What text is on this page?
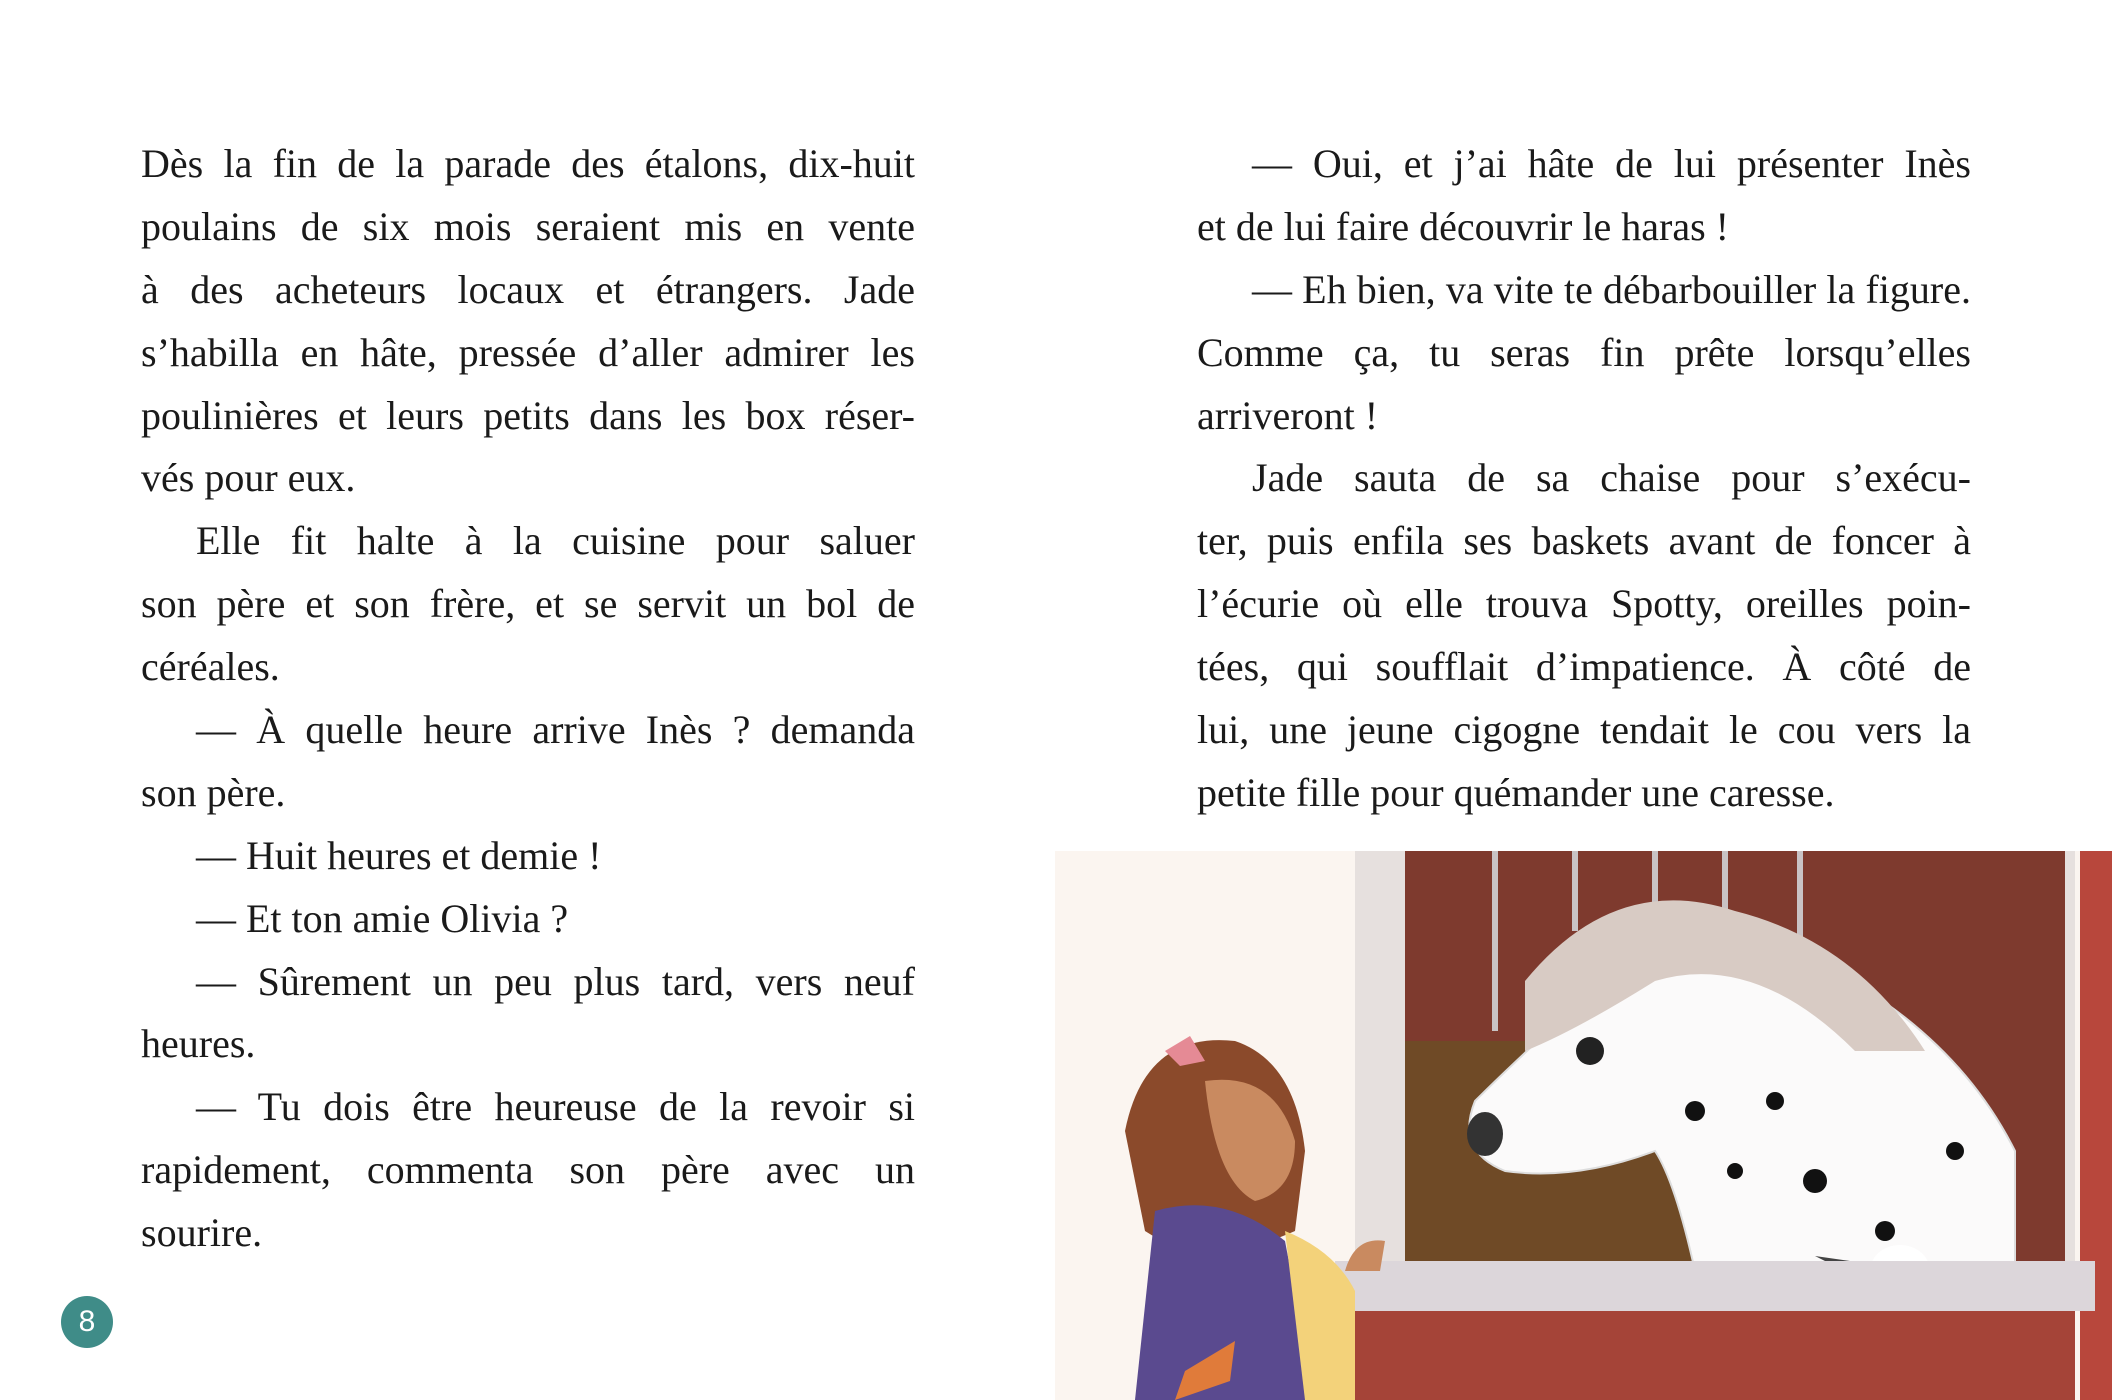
Dès la fin de la parade des étalons, dix-huit
poulains de six mois seraient mis en vente
à des acheteurs locaux et étrangers. Jade
s’habilla en hâte, pressée d’aller admirer les
poulinières et leurs petits dans les box réser-
vés pour eux.
Elle fit halte à la cuisine pour saluer
son père et son frère, et se servit un bol de
céréales.
— À quelle heure arrive Inès ? demanda
son père.
— Huit heures et demie !
— Et ton amie Olivia ?
— Sûrement un peu plus tard, vers neuf
heures.
— Tu dois être heureuse de la revoir si
rapidement, commenta son père avec un
sourire.
— Oui, et j’ai hâte de lui présenter Inès
et de lui faire découvrir le haras !
— Eh bien, va vite te débarbouiller la figure.
Comme ça, tu seras fin prête lorsqu’elles
arriveront !
Jade sauta de sa chaise pour s’exécu-
ter, puis enfila ses baskets avant de foncer à
l’écurie où elle trouva Spotty, oreilles poin-
tées, qui soufflait d’impatience. À côté de
lui, une jeune cigogne tendait le cou vers la
petite fille pour quémander une caresse.
8
